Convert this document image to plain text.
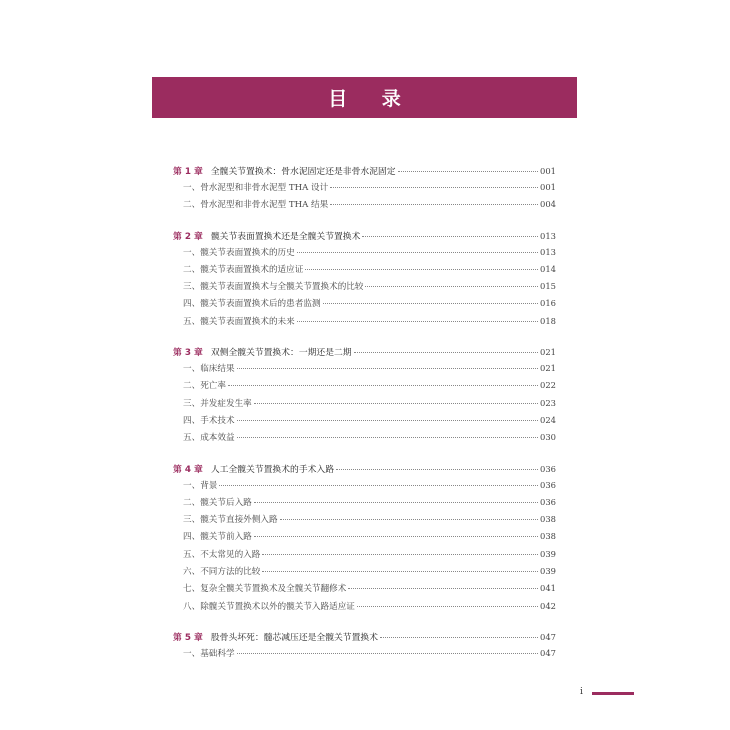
目 录
第 1 章 全髋关节置换术：骨水泥固定还是非骨水泥固定	001
一、骨水泥型和非骨水泥型 THA 设计	001
二、骨水泥型和非骨水泥型 THA 结果	004
第 2 章 髋关节表面置换术还是全髋关节置换术	013
一、髋关节表面置换术的历史	013
二、髋关节表面置换术的适应证	014
三、髋关节表面置换术与全髋关节置换术的比较	015
四、髋关节表面置换术后的患者监测	016
五、髋关节表面置换术的未来	018
第 3 章 双侧全髋关节置换术：一期还是二期	021
一、临床结果	021
二、死亡率	022
三、并发症发生率	023
四、手术技术	024
五、成本效益	030
第 4 章 人工全髋关节置换术的手术入路	036
一、背景	036
二、髋关节后入路	036
三、髋关节直接外侧入路	038
四、髋关节前入路	038
五、不太常见的入路	039
六、不同方法的比较	039
七、复杂全髋关节置换术及全髋关节翻修术	041
八、除髋关节置换术以外的髋关节入路适应证	042
第 5 章 股骨头坏死：髓芯减压还是全髋关节置换术	047
一、基础科学	047
i
